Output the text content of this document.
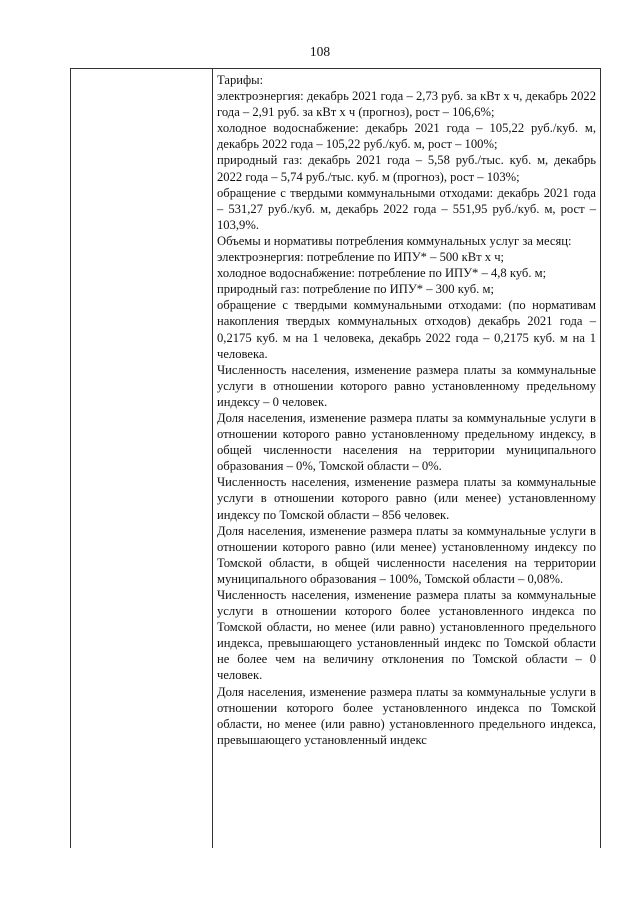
108

Тарифы:

электроэнергия: декабрь 2021 года – 2,73 руб. за кВт x ч, декабрь 2022 года – 2,91 руб. за кВт x ч (прогноз), рост – 106,6%;

холодное водоснабжение: декабрь 2021 года – 105,22 руб./куб. м, декабрь 2022 года – 105,22 руб./куб. м, рост – 100%;

природный газ: декабрь 2021 года – 5,58 руб./тыс. куб. м, декабрь 2022 года – 5,74 руб./тыс. куб. м (прогноз), рост – 103%;

обращение с твердыми коммунальными отходами: декабрь 2021 года – 531,27 руб./куб. м, декабрь 2022 года – 551,95 руб./куб. м, рост – 103,9%.

Объемы и нормативы потребления коммунальных услуг за месяц:

электроэнергия: потребление по ИПУ* – 500 кВт x ч;

холодное водоснабжение: потребление по ИПУ* – 4,8 куб. м;

природный газ: потребление по ИПУ* – 300 куб. м;

обращение с твердыми коммунальными отходами: (по нормативам накопления твердых коммунальных отходов) декабрь 2021 года – 0,2175 куб. м на 1 человека, декабрь 2022 года – 0,2175 куб. м на 1 человека.

Численность населения, изменение размера платы за коммунальные услуги в отношении которого равно установленному предельному индексу – 0 человек.

Доля населения, изменение размера платы за коммунальные услуги в отношении которого равно установленному предельному индексу, в общей численности населения на территории муниципального образования – 0%, Томской области – 0%.

Численность населения, изменение размера платы за коммунальные услуги в отношении которого равно (или менее) установленному индексу по Томской области – 856 человек.

Доля населения, изменение размера платы за коммунальные услуги в отношении которого равно (или менее) установленному индексу по Томской области, в общей численности населения на территории муниципального образования – 100%, Томской области – 0,08%.

Численность населения, изменение размера платы за коммунальные услуги в отношении которого более установленного индекса по Томской области, но менее (или равно) установленного предельного индекса, превышающего установленный индекс по Томской области не более чем на величину отклонения по Томской области – 0 человек.

Доля населения, изменение размера платы за коммунальные услуги в отношении которого более установленного индекса по Томской области, но менее (или равно) установленного предельного индекса, превышающего установленный индекс
